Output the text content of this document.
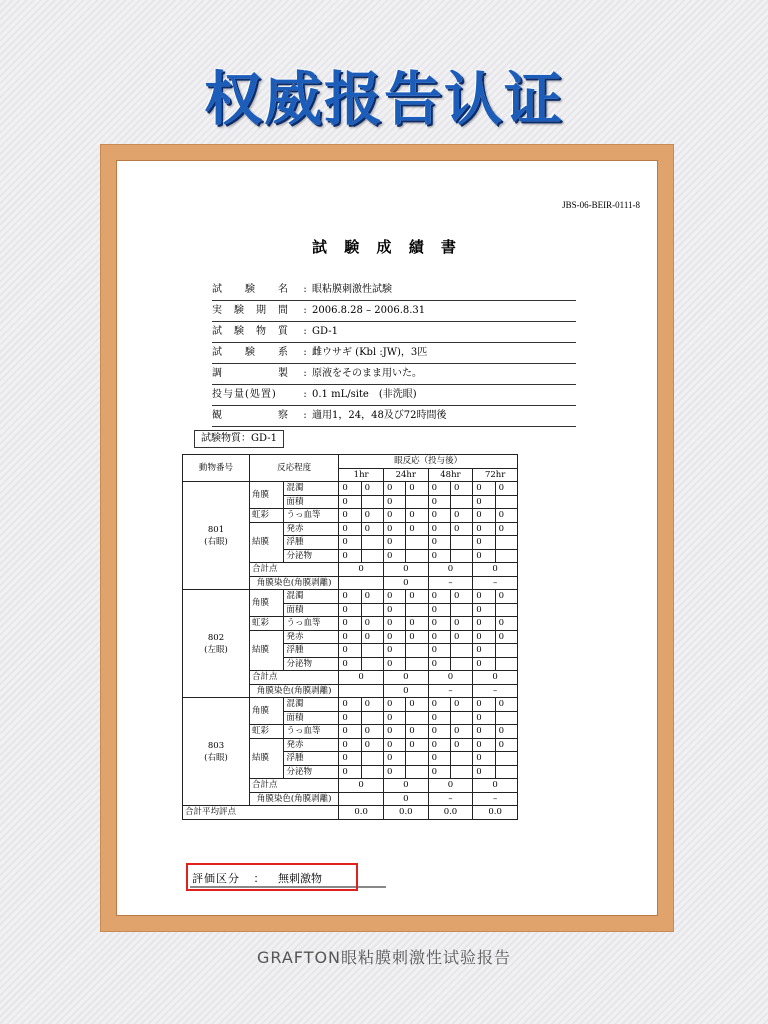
权威报告认证
JBS-06-BEIR-0111-8
試 験 成 績 書
試　　験　　名	: 眼粘膜刺激性試験
実　験　期　間	: 2006.8.28 – 2006.8.31
試　験　物　質	: GD-1
試　　験　　系	: 雌ウサギ (Kbl :JW)，3匹
調　　　　　製	: 原液をそのまま用いた。
投与量(処置)	: 0.1 mL/site　(非洗眼)
観　　　　　察	: 適用1，24，48及び72時間後
試験物質：GD-1
動物番号	反応程度		眼反応（投与後）							
			1hr		24hr		48hr		72hr	
801
(右眼)	角膜	混濁	0	0	0	0	0	0	0	0
		面積	0		0		0		0	
	虹彩	うっ血等	0	0	0	0	0	0	0	0
	結膜	発赤	0	0	0	0	0	0	0	0
		浮腫	0		0		0		0	
		分泌物	0		0		0		0	
	合計点		0		0		0		0	
	角膜染色(角膜剥離)				0		–		–	
802
(左眼)	角膜	混濁	0	0	0	0	0	0	0	0
		面積	0		0		0		0	
	虹彩	うっ血等	0	0	0	0	0	0	0	0
	結膜	発赤	0	0	0	0	0	0	0	0
		浮腫	0		0		0		0	
		分泌物	0		0		0		0	
	合計点		0		0		0		0	
	角膜染色(角膜剥離)				0		–		–	
803
(右眼)	角膜	混濁	0	0	0	0	0	0	0	0
		面積	0		0		0		0	
	虹彩	うっ血等	0	0	0	0	0	0	0	0
	結膜	発赤	0	0	0	0	0	0	0	0
		浮腫	0		0		0		0	
		分泌物	0		0		0		0	
	合計点		0		0		0		0	
	角膜染色(角膜剥離)				0		–		–	
合計平均評点			0.0		0.0		0.0		0.0	
評価区分 ： 無刺激物
GRAFTON眼粘膜刺激性试验报告
